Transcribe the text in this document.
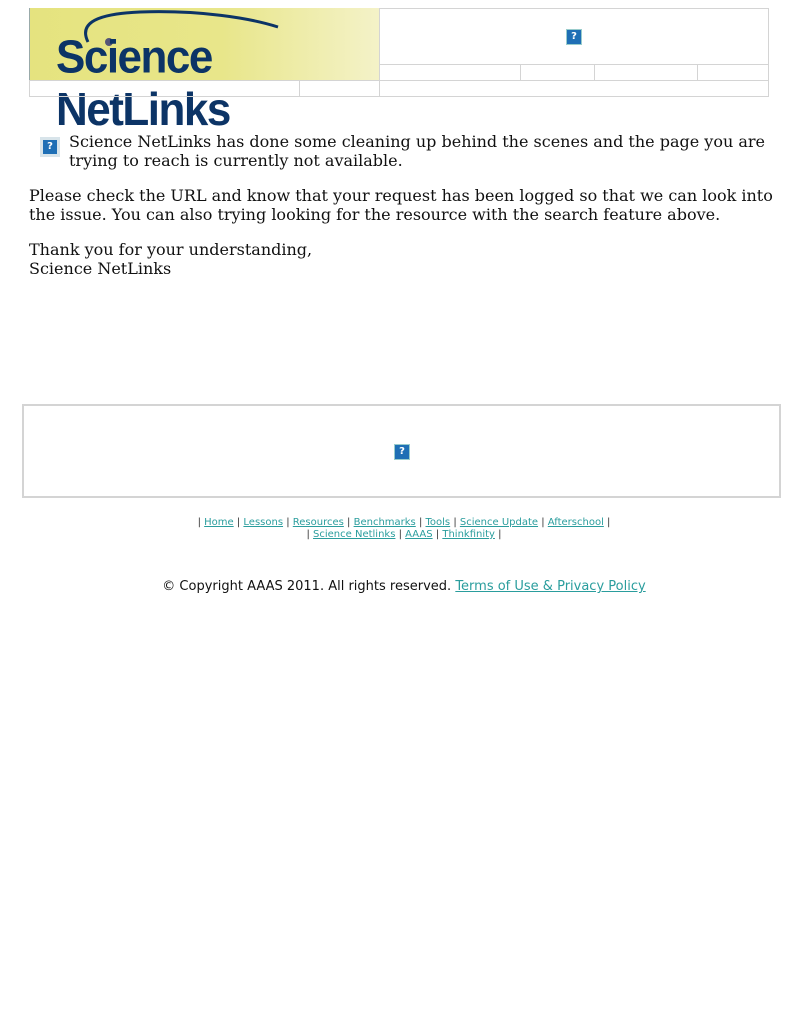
Science NetLinks
?
?	Science NetLinks has done some cleaning up behind the scenes and the page you are trying to reach is currently not available.
Please check the URL and know that your request has been logged so that we can look into the issue. You can also trying looking for the resource with the search feature above.
Thank you for your understanding,
Science NetLinks
?
| Home | Lessons | Resources | Benchmarks | Tools | Science Update | Afterschool |
| Science Netlinks | AAAS | Thinkfinity |
© Copyright AAAS 2011. All rights reserved. Terms of Use & Privacy Policy
